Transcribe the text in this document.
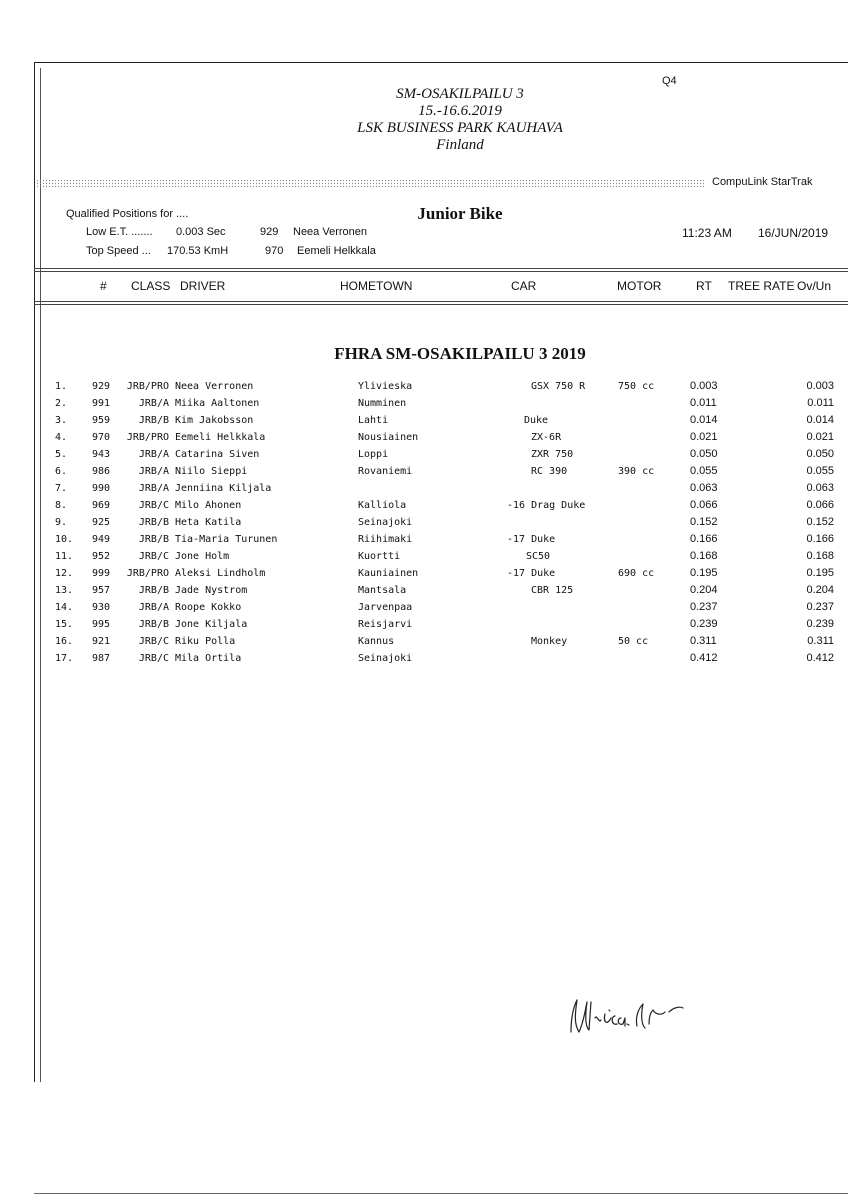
Q4
SM-OSAKILPAILU 3
15.-16.6.2019
LSK BUSINESS PARK KAUHAVA
Finland
CompuLink StarTrak
Qualified Positions for ....	Junior Bike
Low E.T. ....... 0.003 Sec	929 Neea Verronen
Top Speed ... 170.53 KmH	970 Eemeli Helkkala
11:23 AM 16/JUN/2019
# CLASS DRIVER	HOMETOWN	CAR	MOTOR	RT TREE RATE Ov/Un
FHRA SM-OSAKILPAILU 3 2019
1. 929	JRB/PRO Neea Verronen	Ylivieska	GSX 750 R	750 cc	0.003	0.003
2. 991	JRB/A Miika Aaltonen	Numminen	0.011	0.011
3. 959	JRB/B Kim Jakobsson	Lahti	Duke	0.014	0.014
4. 970	JRB/PRO Eemeli Helkkala	Nousiainen	ZX-6R	0.021	0.021
5. 943	JRB/A Catarina Siven	Loppi	ZXR 750	0.050	0.050
6. 986	JRB/A Niilo Sieppi	Rovaniemi	RC 390	390 cc	0.055	0.055
7. 990	JRB/A Jenniina Kiljala	0.063	0.063
8. 969	JRB/C Milo Ahonen	Kalliola	-16 Drag Duke	0.066	0.066
9. 925	JRB/B Heta Katila	Seinajoki	0.152	0.152
10. 949	JRB/B Tia-Maria Turunen	Riihimaki	-17 Duke	0.166	0.166
11. 952	JRB/C Jone Holm	Kuortti	SC50	0.168	0.168
12. 999	JRB/PRO Aleksi Lindholm	Kauniainen	-17 Duke	690 cc	0.195	0.195
13. 957	JRB/B Jade Nystrom	Mantsala	CBR 125	0.204	0.204
14. 930	JRB/A Roope Kokko	Jarvenpaa	0.237	0.237
15. 995	JRB/B Jone Kiljala	Reisjarvi	0.239	0.239
16. 921	JRB/C Riku Polla	Kannus	Monkey	50 cc	0.311	0.311
17. 987	JRB/C Mila Ortila	Seinajoki	0.412	0.412
